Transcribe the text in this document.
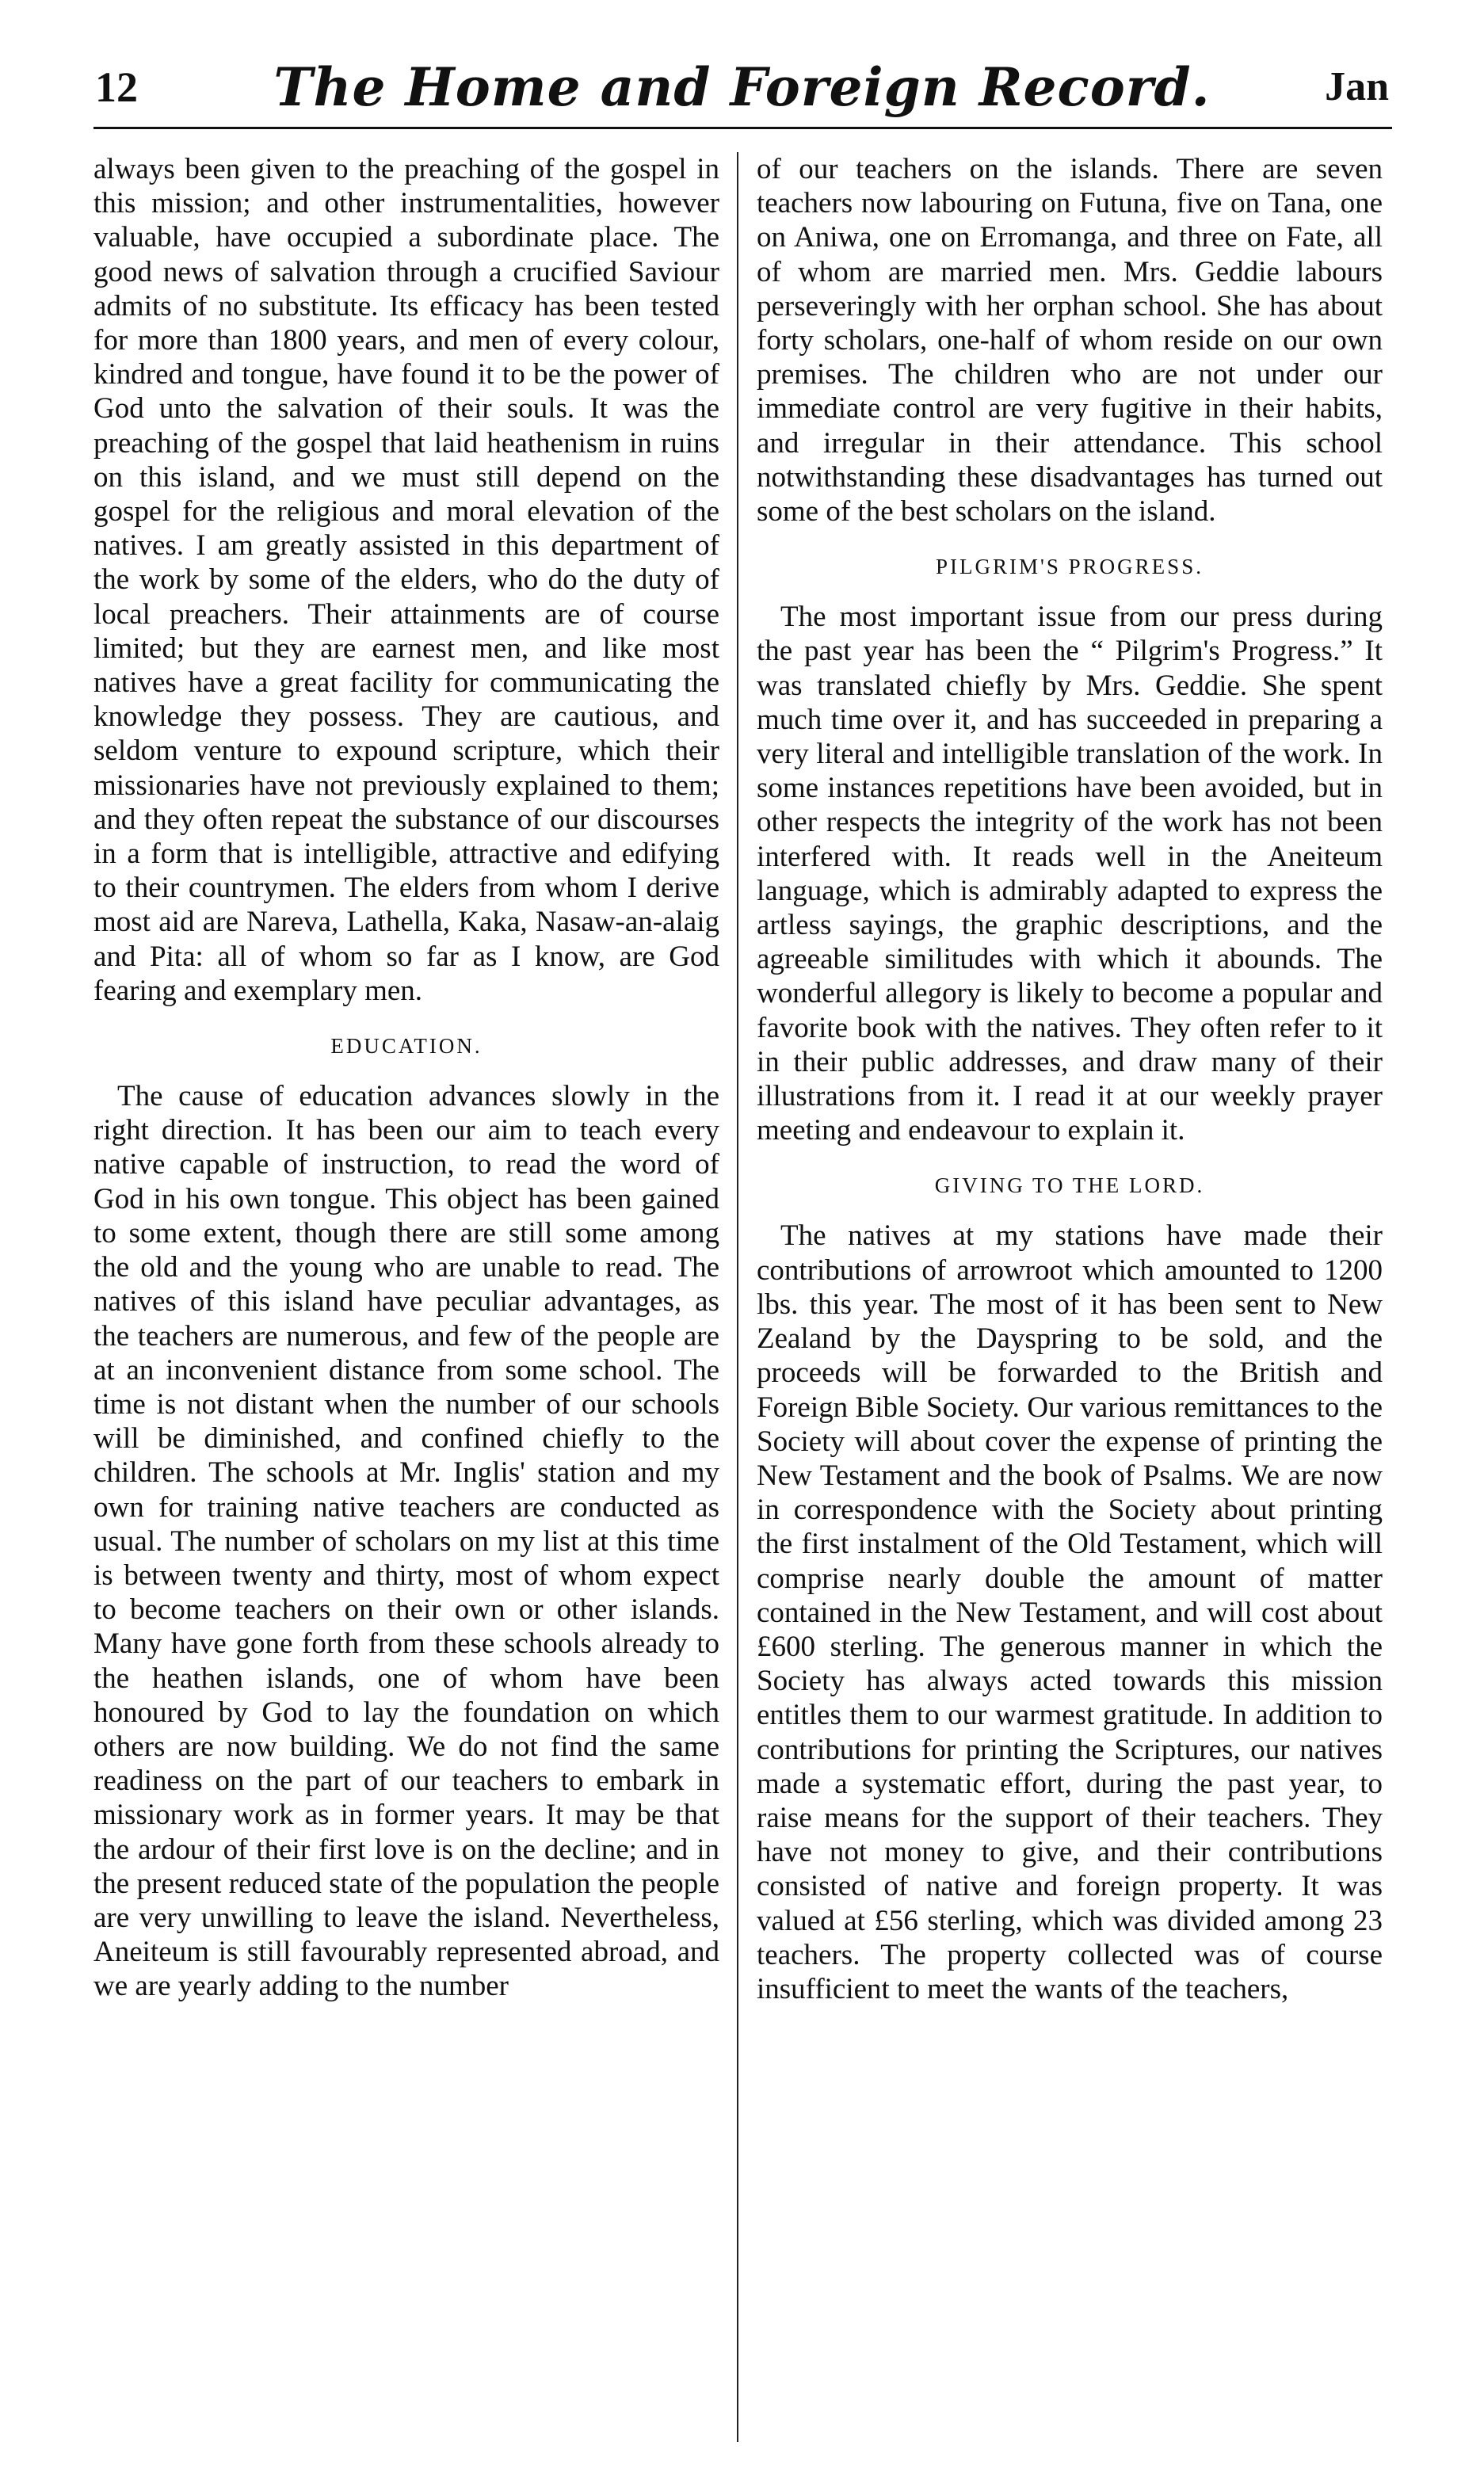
12	The Home and Foreign Record.	Jan

always been given to the preaching of the gospel in this mission; and other instrumentalities, however valuable, have occupied a subordinate place. The good news of salvation through a crucified Saviour admits of no substitute. Its efficacy has been tested for more than 1800 years, and men of every colour, kindred and tongue, have found it to be the power of God unto the salvation of their souls. It was the preaching of the gospel that laid heathenism in ruins on this island, and we must still depend on the gospel for the religious and moral elevation of the natives. I am greatly assisted in this department of the work by some of the elders, who do the duty of local preachers. Their attainments are of course limited; but they are earnest men, and like most natives have a great facility for communicating the knowledge they possess. They are cautious, and seldom venture to expound scripture, which their missionaries have not previously explained to them; and they often repeat the substance of our discourses in a form that is intelligible, attractive and edifying to their countrymen. The elders from whom I derive most aid are Nareva, Lathella, Kaka, Nasaw-an-alaig and Pita: all of whom so far as I know, are God fearing and exemplary men.

EDUCATION.

The cause of education advances slowly in the right direction. It has been our aim to teach every native capable of instruction, to read the word of God in his own tongue. This object has been gained to some extent, though there are still some among the old and the young who are unable to read. The natives of this island have peculiar advantages, as the teachers are numerous, and few of the people are at an inconvenient distance from some school. The time is not distant when the number of our schools will be diminished, and confined chiefly to the children. The schools at Mr. Inglis' station and my own for training native teachers are conducted as usual. The number of scholars on my list at this time is between twenty and thirty, most of whom expect to become teachers on their own or other islands. Many have gone forth from these schools already to the heathen islands, one of whom have been honoured by God to lay the foundation on which others are now building. We do not find the same readiness on the part of our teachers to embark in missionary work as in former years. It may be that the ardour of their first love is on the decline; and in the present reduced state of the population the people are very unwilling to leave the island. Nevertheless, Aneiteum is still favourably represented abroad, and we are yearly adding to the number

of our teachers on the islands. There are seven teachers now labouring on Futuna, five on Tana, one on Aniwa, one on Erromanga, and three on Fate, all of whom are married men. Mrs. Geddie labours perseveringly with her orphan school. She has about forty scholars, one-half of whom reside on our own premises. The children who are not under our immediate control are very fugitive in their habits, and irregular in their attendance. This school notwithstanding these disadvantages has turned out some of the best scholars on the island.

PILGRIM'S PROGRESS.

The most important issue from our press during the past year has been the “ Pilgrim's Progress.” It was translated chiefly by Mrs. Geddie. She spent much time over it, and has succeeded in preparing a very literal and intelligible translation of the work. In some instances repetitions have been avoided, but in other respects the integrity of the work has not been interfered with. It reads well in the Aneiteum language, which is admirably adapted to express the artless sayings, the graphic descriptions, and the agreeable similitudes with which it abounds. The wonderful allegory is likely to become a popular and favorite book with the natives. They often refer to it in their public addresses, and draw many of their illustrations from it. I read it at our weekly prayer meeting and endeavour to explain it.

GIVING TO THE LORD.

The natives at my stations have made their contributions of arrowroot which amounted to 1200 lbs. this year. The most of it has been sent to New Zealand by the Dayspring to be sold, and the proceeds will be forwarded to the British and Foreign Bible Society. Our various remittances to the Society will about cover the expense of printing the New Testament and the book of Psalms. We are now in correspondence with the Society about printing the first instalment of the Old Testament, which will comprise nearly double the amount of matter contained in the New Testament, and will cost about £600 sterling. The generous manner in which the Society has always acted towards this mission entitles them to our warmest gratitude. In addition to contributions for printing the Scriptures, our natives made a systematic effort, during the past year, to raise means for the support of their teachers. They have not money to give, and their contributions consisted of native and foreign property. It was valued at £56 sterling, which was divided among 23 teachers. The property collected was of course insufficient to meet the wants of the teachers,
